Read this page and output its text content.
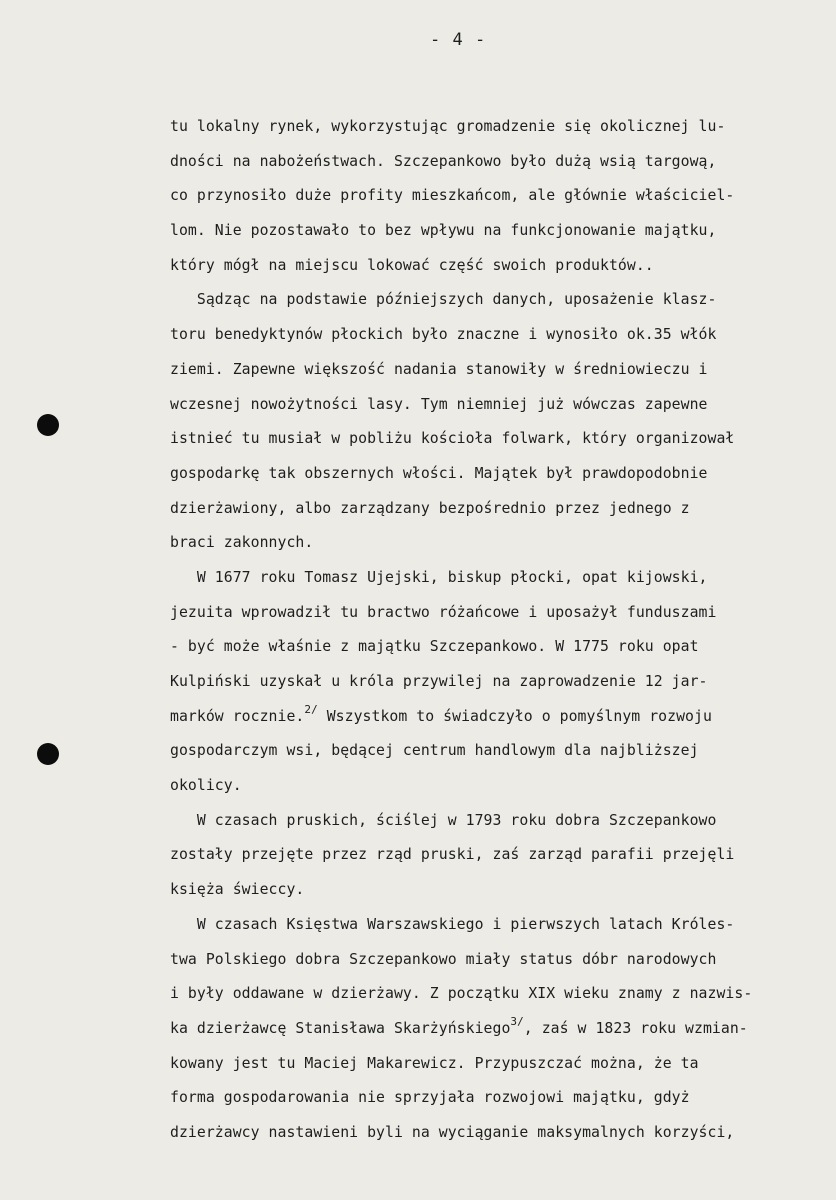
- 4 -
tu lokalny rynek, wykorzystując gromadzenie się okolicznej lu-
dności na nabożeństwach. Szczepankowo było dużą wsią targową,
co przynosiło duże profity mieszkańcom, ale głównie właściciel-
lom. Nie pozostawało to bez wpływu na funkcjonowanie majątku,
który mógł na miejscu lokować część swoich produktów..
Sądząc na podstawie późniejszych danych, uposażenie klasz-
toru benedyktynów płockich było znaczne i wynosiło ok.35 włók
ziemi. Zapewne większość nadania stanowiły w średniowieczu i
wczesnej nowożytności lasy. Tym niemniej już wówczas zapewne
istnieć tu musiał w pobliżu kościoła folwark, który organizował
gospodarkę tak obszernych włości. Majątek był prawdopodobnie
dzierżawiony, albo zarządzany bezpośrednio przez jednego z
braci zakonnych.
W 1677 roku Tomasz Ujejski, biskup płocki, opat kijowski,
jezuita wprowadził tu bractwo różańcowe i uposażył funduszami
- być może właśnie z majątku Szczepankowo. W 1775 roku opat
Kulpiński uzyskał u króla przywilej na zaprowadzenie 12 jar-
marków rocznie.$^{2/}$ Wszystkom to świadczyło o pomyślnym rozwoju
gospodarczym wsi, będącej centrum handlowym dla najbliższej
okolicy.
W czasach pruskich, ściślej w 1793 roku dobra Szczepankowo
zostały przejęte przez rząd pruski, zaś zarząd parafii przejęli
księża świeccy.
W czasach Księstwa Warszawskiego i pierwszych latach Króles-
twa Polskiego dobra Szczepankowo miały status dóbr narodowych
i były oddawane w dzierżawy. Z początku XIX wieku znamy z nazwis-
ka dzierżawcę Stanisława Skarżyńskiego$^{3/}$, zaś w 1823 roku wzmian-
kowany jest tu Maciej Makarewicz. Przypuszczać można, że ta
forma gospodarowania nie sprzyjała rozwojowi majątku, gdyż
dzierżawcy nastawieni byli na wyciąganie maksymalnych korzyści,
